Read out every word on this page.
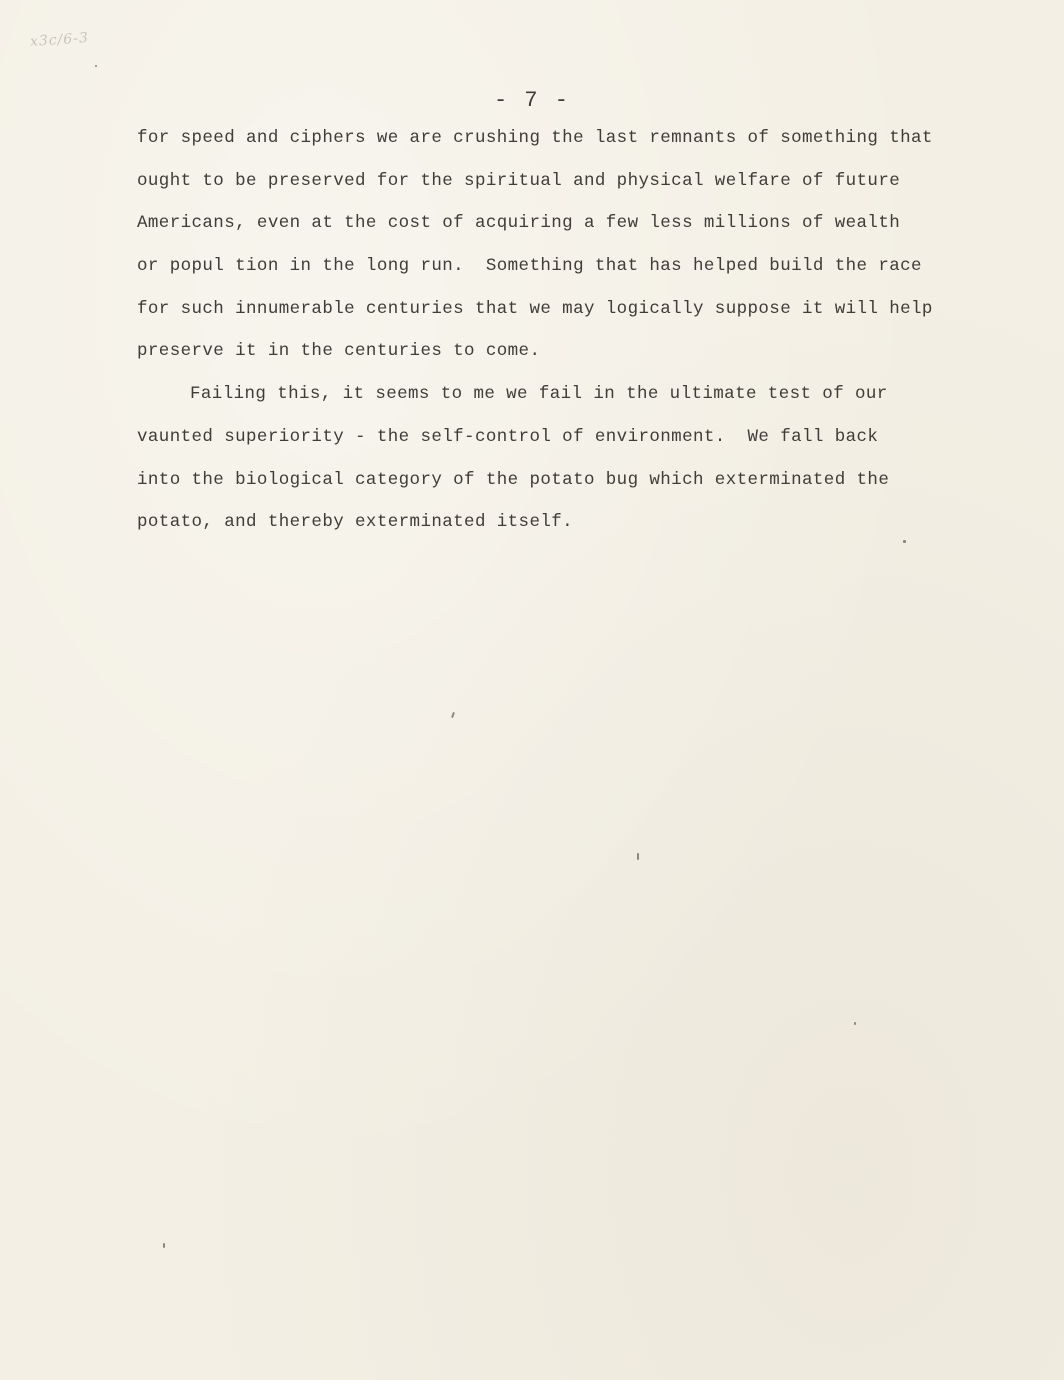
x3c/6-3
- 7 -
for speed and ciphers we are crushing the last remnants of something that
ought to be preserved for the spiritual and physical welfare of future
Americans, even at the cost of acquiring a few less millions of wealth
or popul tion in the long run.  Something that has helped build the race
for such innumerable centuries that we may logically suppose it will help
preserve it in the centuries to come.
Failing this, it seems to me we fail in the ultimate test of our
vaunted superiority - the self-control of environment.  We fall back
into the biological category of the potato bug which exterminated the
potato, and thereby exterminated itself.
